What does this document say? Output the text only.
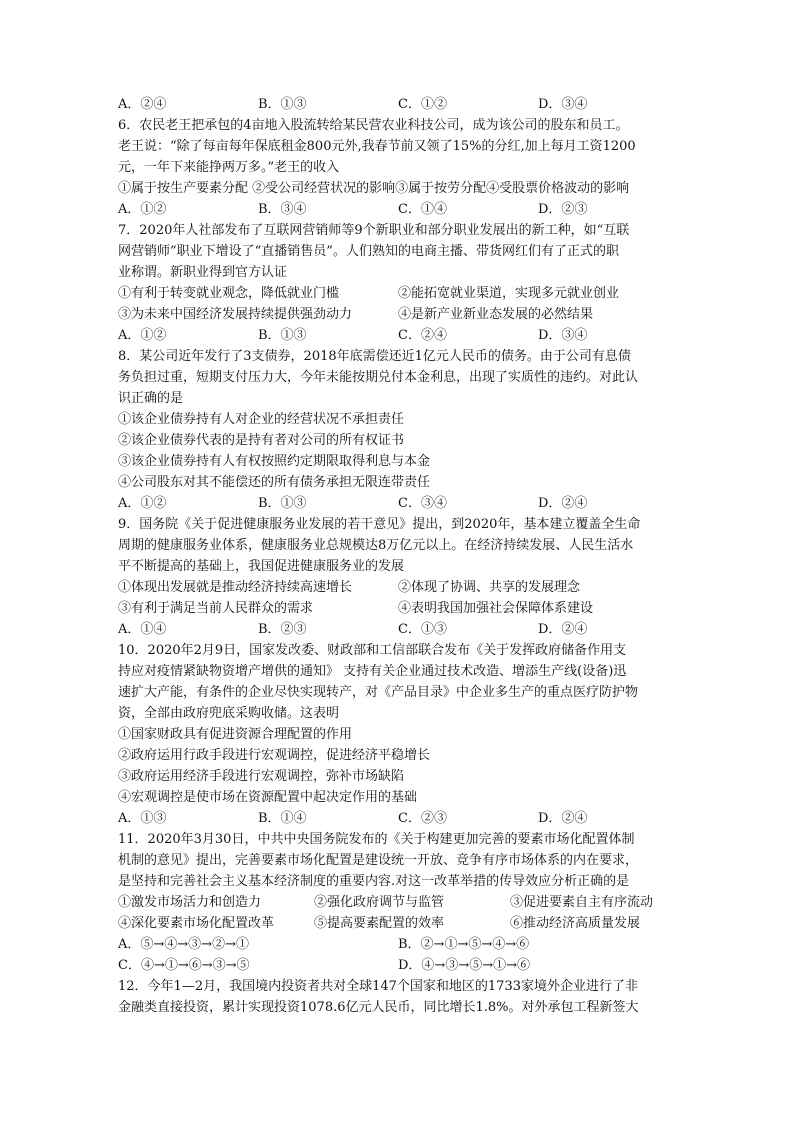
A．②④	B．①③	C．①②	D．③④
6．农民老王把承包的4亩地入股流转给某民营农业科技公司，成为该公司的股东和员工。
老王说：“除了每亩每年保底租金800元外,我春节前又领了15%的分红,加上每月工资1200
元，一年下来能挣两万多。”老王的收入
①属于按生产要素分配 ②受公司经营状况的影响③属于按劳分配④受股票价格波动的影响
A．①②	B．③④	C．①④	D．②③
7．2020年人社部发布了互联网营销师等9个新职业和部分职业发展出的新工种，如“互联
网营销师”职业下增设了“直播销售员”。人们熟知的电商主播、带货网红们有了正式的职
业称谓。新职业得到官方认证
①有利于转变就业观念，降低就业门槛	②能拓宽就业渠道，实现多元就业创业
③为未来中国经济发展持续提供强劲动力	④是新产业新业态发展的必然结果
A．①②	B．①③	C．②④	D．③④
8．某公司近年发行了3支债券，2018年底需偿还近1亿元人民币的债务。由于公司有息债
务负担过重，短期支付压力大，今年未能按期兑付本金利息，出现了实质性的违约。对此认
识正确的是
①该企业债券持有人对企业的经营状况不承担责任
②该企业债券代表的是持有者对公司的所有权证书
③该企业债券持有人有权按照约定期限取得利息与本金
④公司股东对其不能偿还的所有债务承担无限连带责任
A．①②	B．①③	C．③④	D．②④
9．国务院《关于促进健康服务业发展的若干意见》提出，到2020年，基本建立覆盖全生命
周期的健康服务业体系，健康服务业总规模达8万亿元以上。在经济持续发展、人民生活水
平不断提高的基础上，我国促进健康服务业的发展
①体现出发展就是推动经济持续高速增长	②体现了协调、共享的发展理念
③有利于满足当前人民群众的需求	④表明我国加强社会保障体系建设
A．①④	B．②③	C．①③	D．②④
10．2020年2月9日，国家发改委、财政部和工信部联合发布《关于发挥政府储备作用支
持应对疫情紧缺物资增产增供的通知》 支持有关企业通过技术改造、增添生产线(设备)迅
速扩大产能，有条件的企业尽快实现转产，对《产品目录》中企业多生产的重点医疗防护物
资，全部由政府兜底采购收储。这表明
①国家财政具有促进资源合理配置的作用
②政府运用行政手段进行宏观调控，促进经济平稳增长
③政府运用经济手段进行宏观调控，弥补市场缺陷
④宏观调控是使市场在资源配置中起决定作用的基础
A．①③	B．①④	C．②③	D．②④
11．2020年3月30日，中共中央国务院发布的《关于构建更加完善的要素市场化配置体制
机制的意见》提出，完善要素市场化配置是建设统一开放、竞争有序市场体系的内在要求，
是坚持和完善社会主义基本经济制度的重要内容.对这一改革举措的传导效应分析正确的是
①激发市场活力和创造力	②强化政府调节与监管	③促进要素自主有序流动
④深化要素市场化配置改革	⑤提高要素配置的效率	⑥推动经济高质量发展
A．⑤→④→③→②→①	B．②→①→⑤→④→⑥
C．④→①→⑥→③→⑤	D．④→③→⑤→①→⑥
12．今年1—2月，我国境内投资者共对全球147个国家和地区的1733家境外企业进行了非
金融类直接投资，累计实现投资1078.6亿元人民币，同比增长1.8%。对外承包工程新签大
